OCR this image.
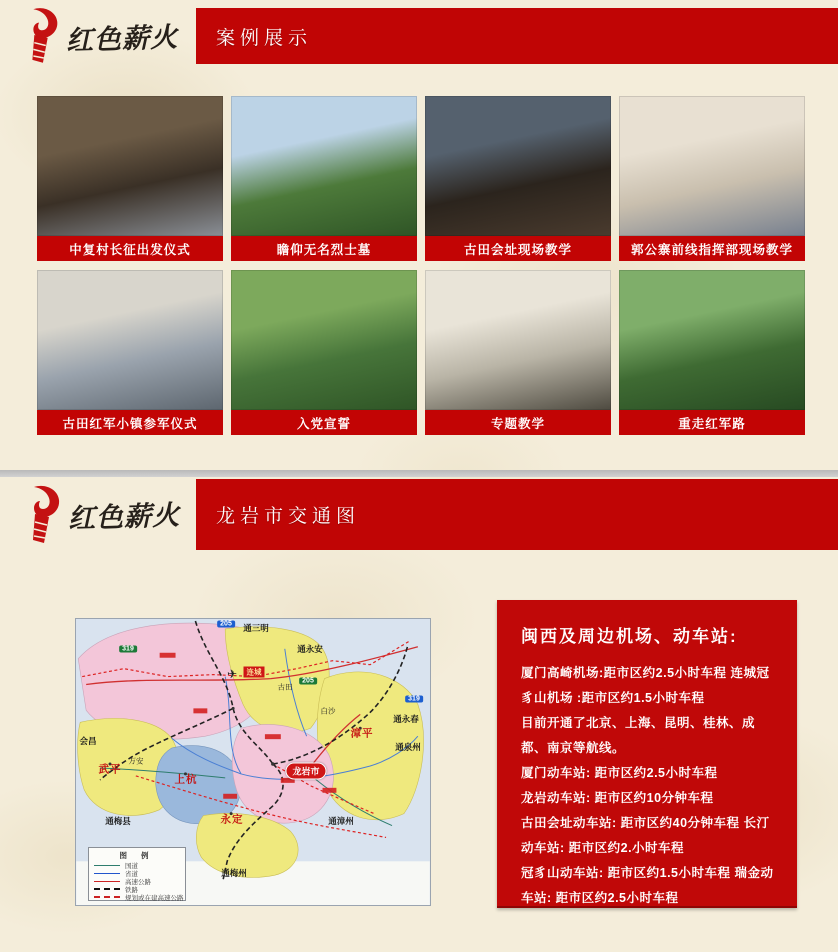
案例展示
红色薪火
中复村长征出发仪式	瞻仰无名烈士墓	古田会址现场教学	郭公寨前线指挥部现场教学
古田红军小镇参军仪式	入党宣誓	专题教学	重走红军路
龙岩市交通图
红色薪火
通三明
通永安
连城
✈
古田
白沙
会昌
万安
武平
上杭
龙岩市
漳平
通永春
通泉州
永定	通漳州
通梅县
通梅州
319
205
205
319
图 例
国道
省道
高速公路
铁路
规划或在建高速公路
闽西及周边机场、动车站:

厦门高崎机场:距市区约2.5小时车程 连城冠豸山机场 :距市区约1.5小时车程

目前开通了北京、上海、昆明、桂林、成 都、南京等航线。

厦门动车站: 距市区约2.5小时车程

龙岩动车站: 距市区约10分钟车程

古田会址动车站: 距市区约40分钟车程 长汀动车站: 距市区约2.小时车程

冠豸山动车站: 距市区约1.5小时车程 瑞金动车站: 距市区约2.5小时车程
